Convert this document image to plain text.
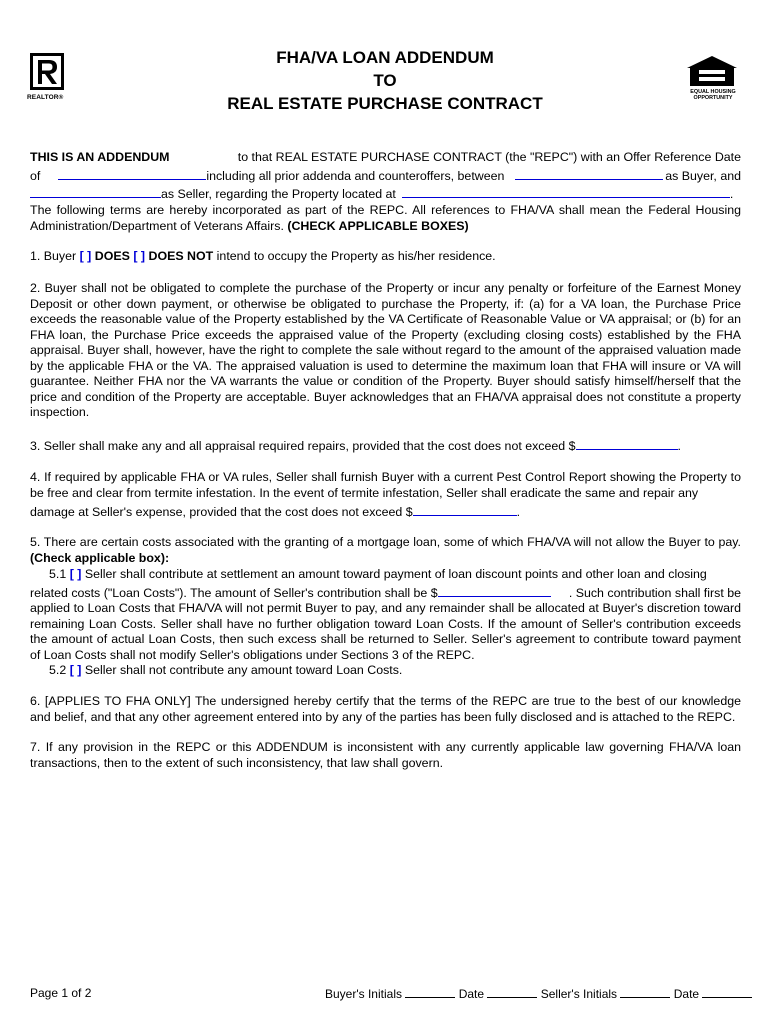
REALTOR®
EQUAL HOUSING
OPPORTUNITY
FHA/VA LOAN ADDENDUM
TO
REAL ESTATE PURCHASE CONTRACT
THIS IS AN ADDENDUM	to that REAL ESTATE PURCHASE CONTRACT (the "REPC") with an Offer Reference Date
of	including all prior addenda and counteroffers, between	as Buyer, and
as Seller, regarding the Property located at	.
The following terms are hereby incorporated as part of the REPC. All references to FHA/VA shall mean the Federal Housing Administration/Department of Veterans Affairs. (CHECK APPLICABLE BOXES)
1. Buyer [ ] DOES [ ] DOES NOT intend to occupy the Property as his/her residence.
2. Buyer shall not be obligated to complete the purchase of the Property or incur any penalty or forfeiture of the Earnest Money Deposit or other down payment, or otherwise be obligated to purchase the Property, if: (a) for a VA loan, the Purchase Price exceeds the reasonable value of the Property established by the VA Certificate of Reasonable Value or VA appraisal; or (b) for an FHA loan, the Purchase Price exceeds the appraised value of the Property (excluding closing costs) established by the FHA appraisal. Buyer shall, however, have the right to complete the sale without regard to the amount of the appraised valuation made by the applicable FHA or the VA. The appraised valuation is used to determine the maximum loan that FHA will insure or VA will guarantee. Neither FHA nor the VA warrants the value or condition of the Property. Buyer should satisfy himself/herself that the price and condition of the Property are acceptable. Buyer acknowledges that an FHA/VA appraisal does not constitute a property inspection.
3. Seller shall make any and all appraisal required repairs, provided that the cost does not exceed $	.
4. If required by applicable FHA or VA rules, Seller shall furnish Buyer with a current Pest Control Report showing the Property to be free and clear from termite infestation. In the event of termite infestation, Seller shall eradicate the same and repair any
damage at Seller's expense, provided that the cost does not exceed $	.
5. There are certain costs associated with the granting of a mortgage loan, some of which FHA/VA will not allow the Buyer to pay. (Check applicable box):
5.1 [ ] Seller shall contribute at settlement an amount toward payment of loan discount points and other loan and closing
related costs ("Loan Costs"). The amount of Seller's contribution shall be $	. Such contribution shall first be
applied to Loan Costs that FHA/VA will not permit Buyer to pay, and any remainder shall be allocated at Buyer's discretion toward remaining Loan Costs. Seller shall have no further obligation toward Loan Costs. If the amount of Seller's contribution exceeds the amount of actual Loan Costs, then such excess shall be returned to Seller. Seller's agreement to contribute toward payment of Loan Costs shall not modify Seller's obligations under Sections 3 of the REPC.
5.2 [ ] Seller shall not contribute any amount toward Loan Costs.
6. [APPLIES TO FHA ONLY] The undersigned hereby certify that the terms of the REPC are true to the best of our knowledge and belief, and that any other agreement entered into by any of the parties has been fully disclosed and is attached to the REPC.
7. If any provision in the REPC or this ADDENDUM is inconsistent with any currently applicable law governing FHA/VA loan transactions, then to the extent of such inconsistency, that law shall govern.
Page 1 of 2	Buyer's Initials	Date	Seller's Initials	Date
